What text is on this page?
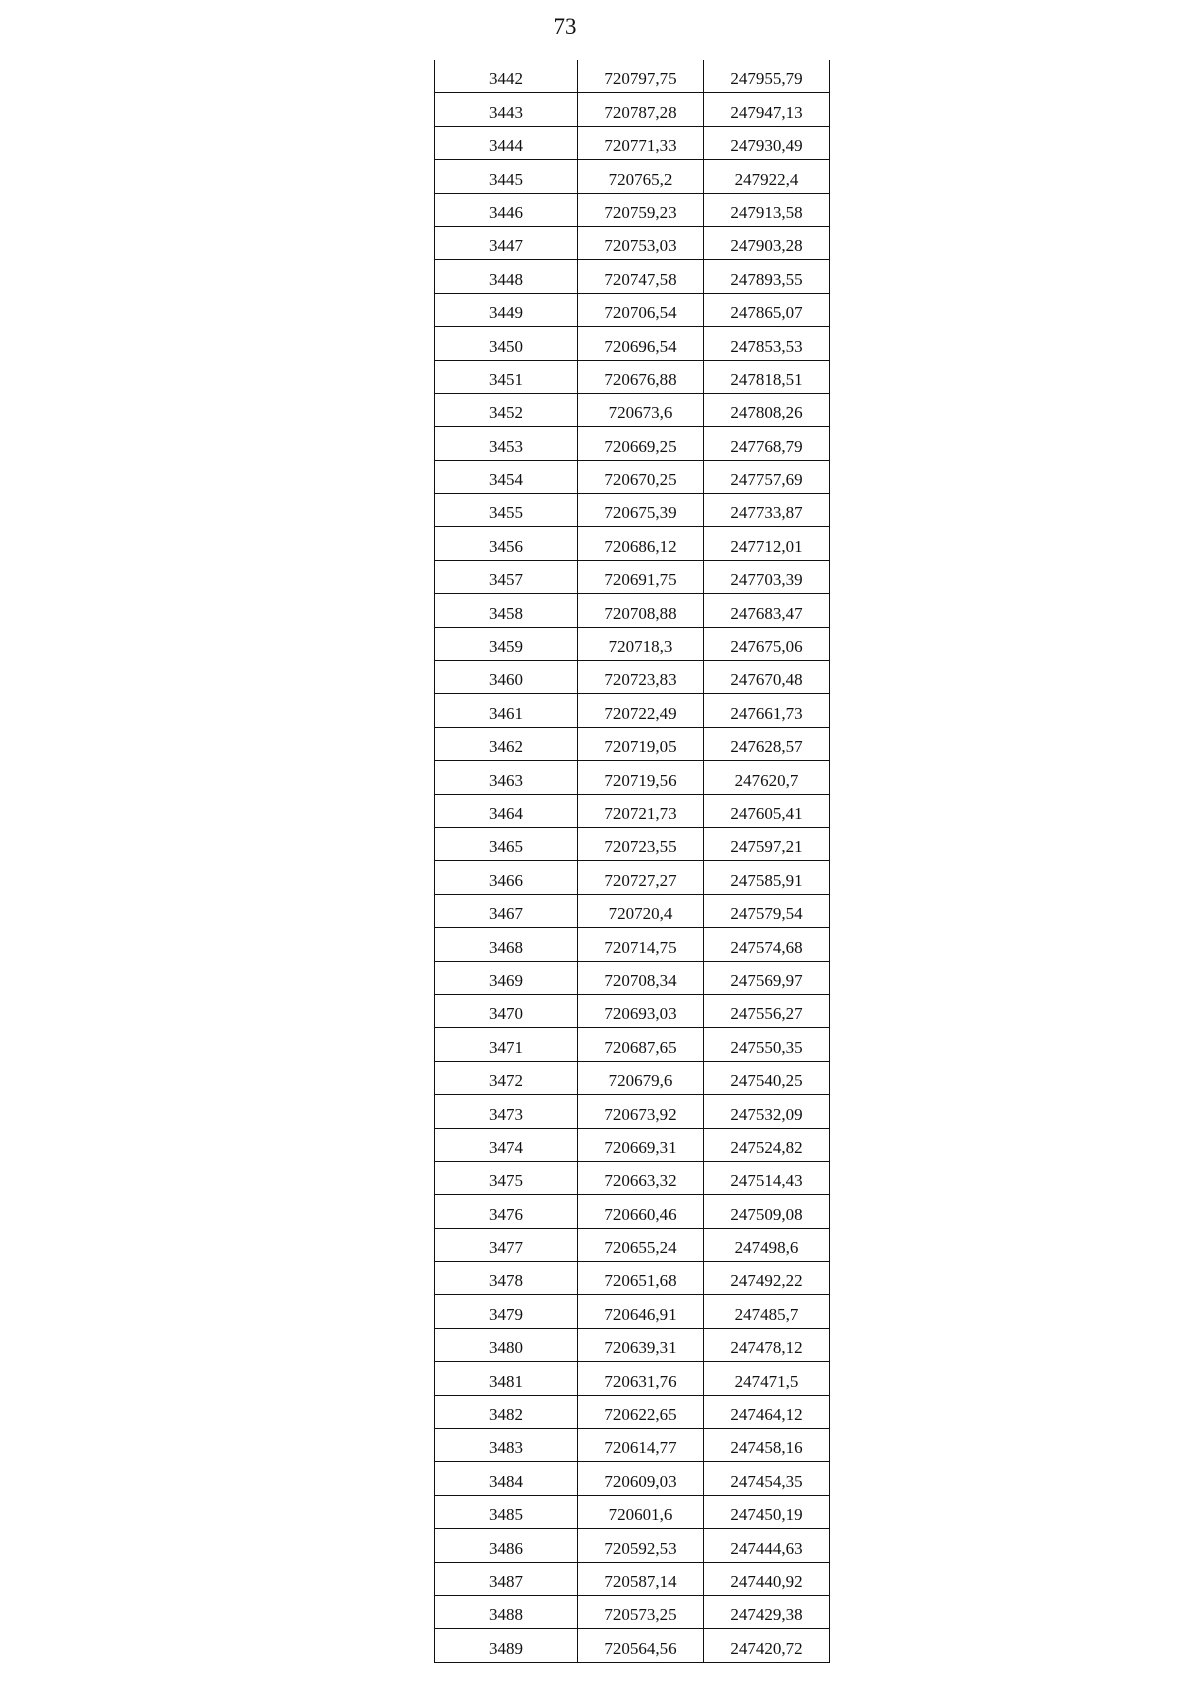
73
3442	720797,75	247955,79
3443	720787,28	247947,13
3444	720771,33	247930,49
3445	720765,2	247922,4
3446	720759,23	247913,58
3447	720753,03	247903,28
3448	720747,58	247893,55
3449	720706,54	247865,07
3450	720696,54	247853,53
3451	720676,88	247818,51
3452	720673,6	247808,26
3453	720669,25	247768,79
3454	720670,25	247757,69
3455	720675,39	247733,87
3456	720686,12	247712,01
3457	720691,75	247703,39
3458	720708,88	247683,47
3459	720718,3	247675,06
3460	720723,83	247670,48
3461	720722,49	247661,73
3462	720719,05	247628,57
3463	720719,56	247620,7
3464	720721,73	247605,41
3465	720723,55	247597,21
3466	720727,27	247585,91
3467	720720,4	247579,54
3468	720714,75	247574,68
3469	720708,34	247569,97
3470	720693,03	247556,27
3471	720687,65	247550,35
3472	720679,6	247540,25
3473	720673,92	247532,09
3474	720669,31	247524,82
3475	720663,32	247514,43
3476	720660,46	247509,08
3477	720655,24	247498,6
3478	720651,68	247492,22
3479	720646,91	247485,7
3480	720639,31	247478,12
3481	720631,76	247471,5
3482	720622,65	247464,12
3483	720614,77	247458,16
3484	720609,03	247454,35
3485	720601,6	247450,19
3486	720592,53	247444,63
3487	720587,14	247440,92
3488	720573,25	247429,38
3489	720564,56	247420,72
